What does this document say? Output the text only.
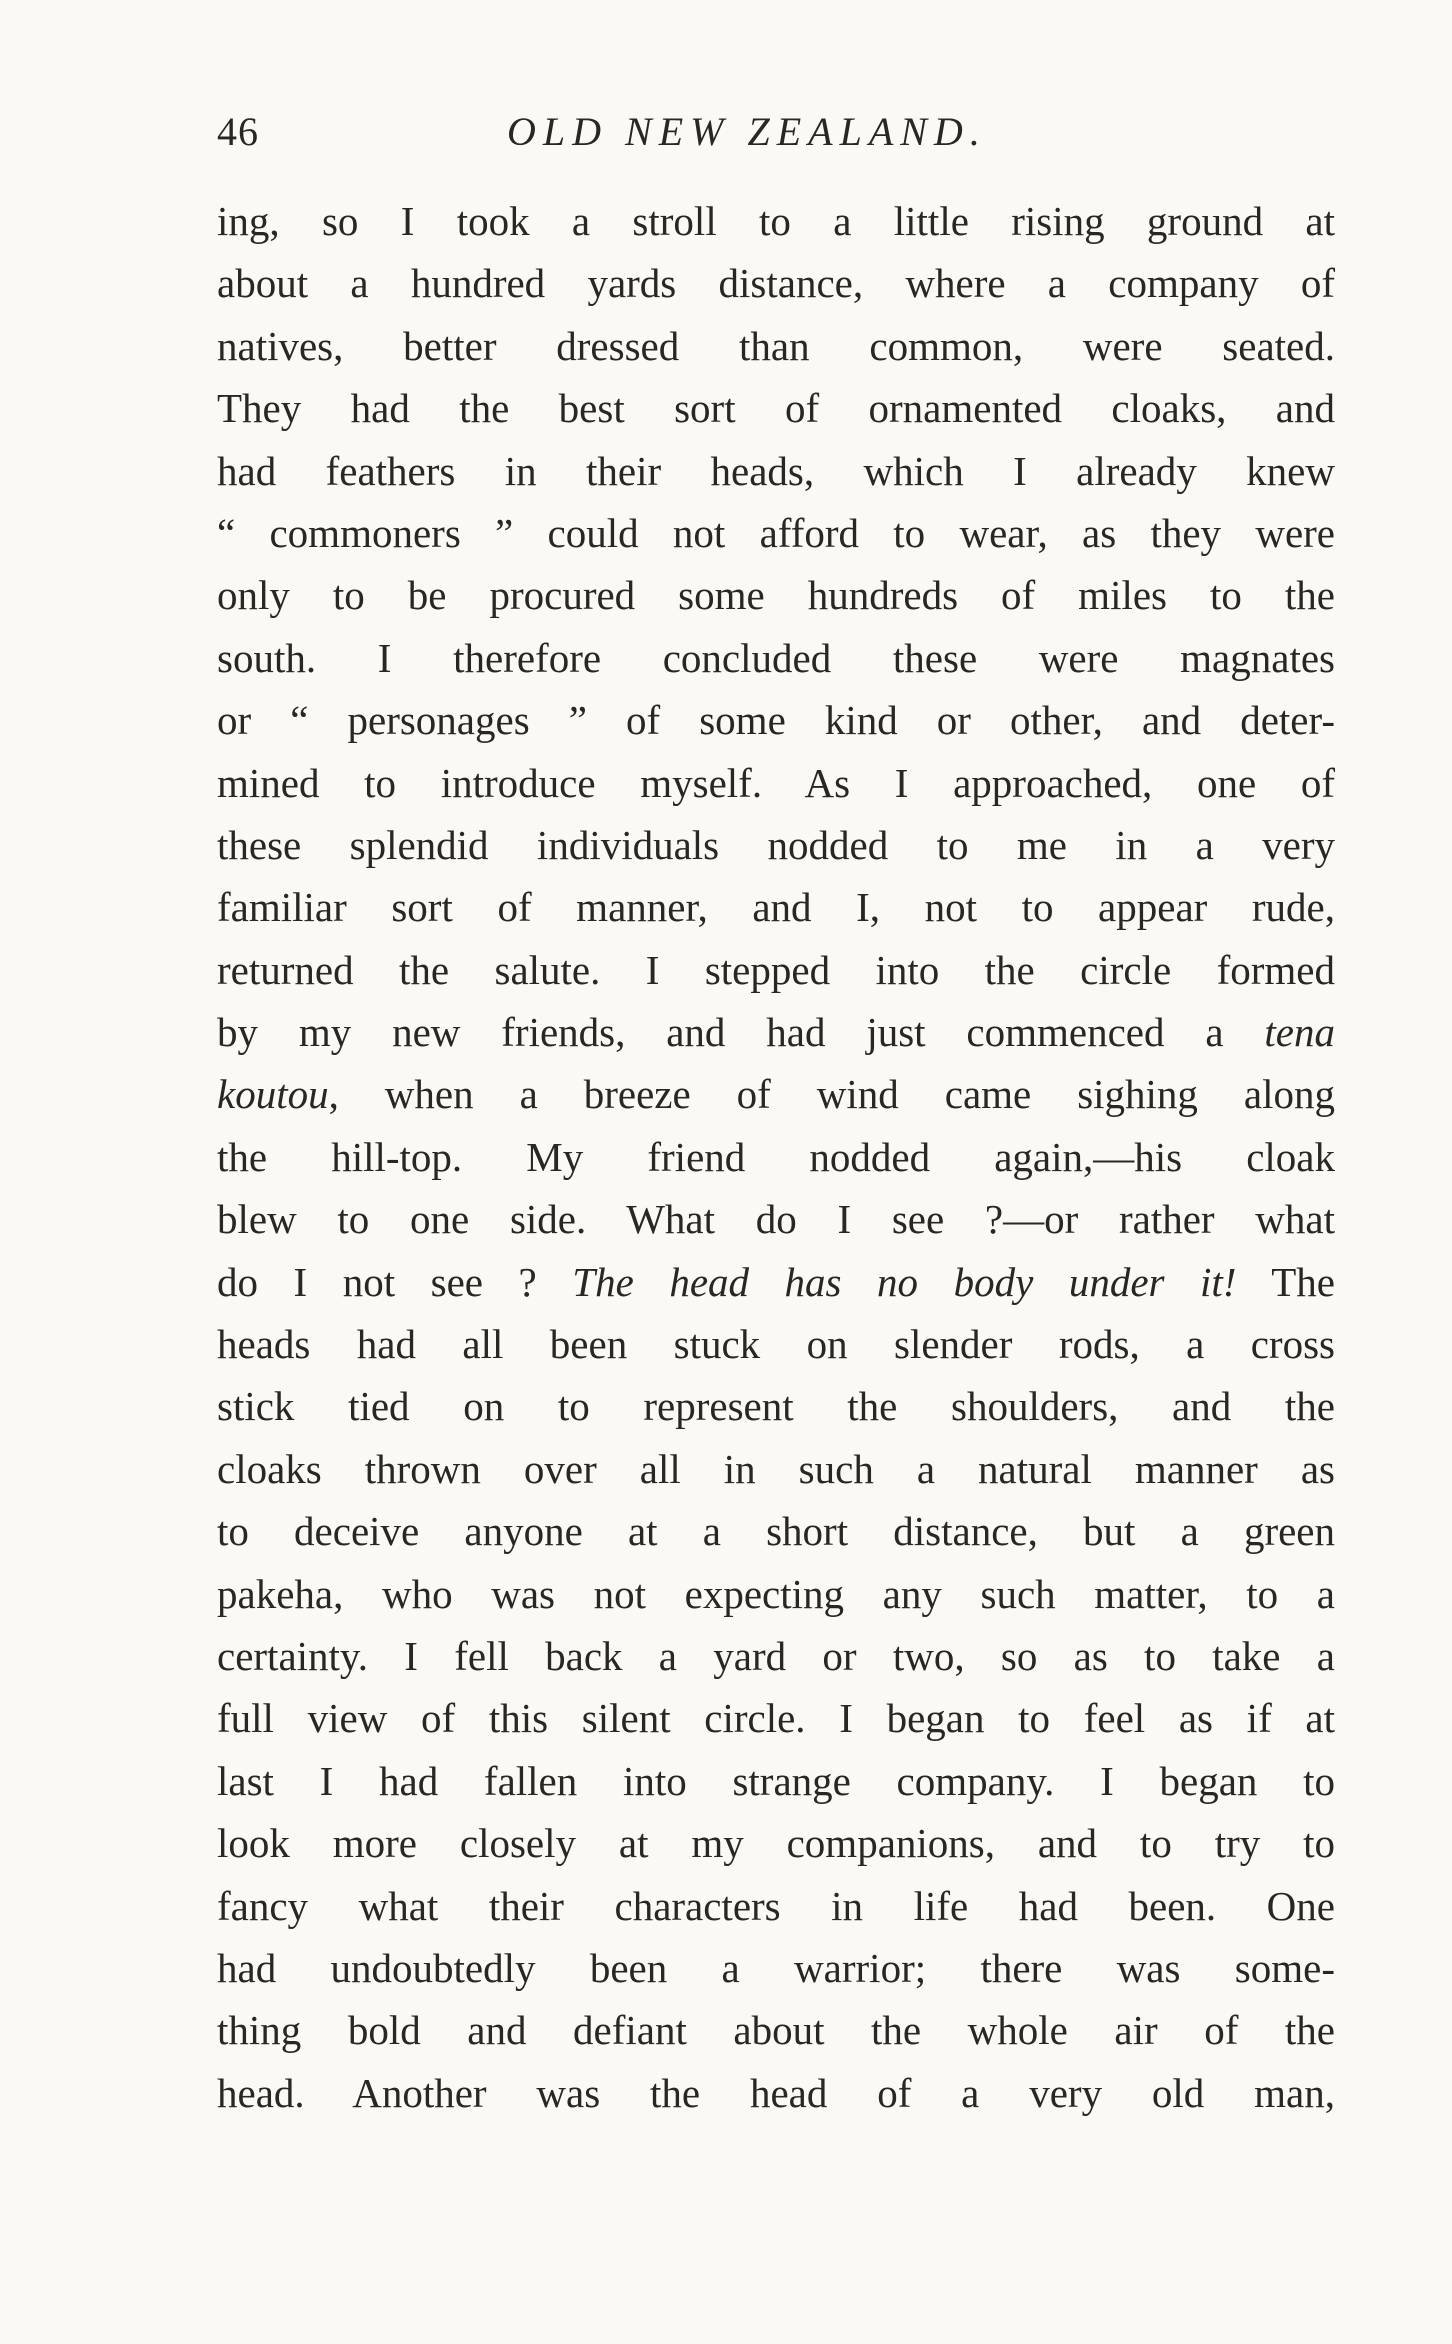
46	OLD NEW ZEALAND.
ing, so I took a stroll to a little rising ground at
about a hundred yards distance, where a company of
natives, better dressed than common, were seated.
They had the best sort of ornamented cloaks, and
had feathers in their heads, which I already knew
“ commoners ” could not afford to wear, as they were
only to be procured some hundreds of miles to the
south. I therefore concluded these were magnates
or “ personages ” of some kind or other, and deter-
mined to introduce myself. As I approached, one of
these splendid individuals nodded to me in a very
familiar sort of manner, and I, not to appear rude,
returned the salute. I stepped into the circle formed
by my new friends, and had just commenced a tena
koutou, when a breeze of wind came sighing along
the hill-top. My friend nodded again,—his cloak
blew to one side. What do I see ?—or rather what
do I not see ? The head has no body under it! The
heads had all been stuck on slender rods, a cross
stick tied on to represent the shoulders, and the
cloaks thrown over all in such a natural manner as
to deceive anyone at a short distance, but a green
pakeha, who was not expecting any such matter, to a
certainty. I fell back a yard or two, so as to take a
full view of this silent circle. I began to feel as if at
last I had fallen into strange company. I began to
look more closely at my companions, and to try to
fancy what their characters in life had been. One
had undoubtedly been a warrior; there was some-
thing bold and defiant about the whole air of the
head. Another was the head of a very old man,
